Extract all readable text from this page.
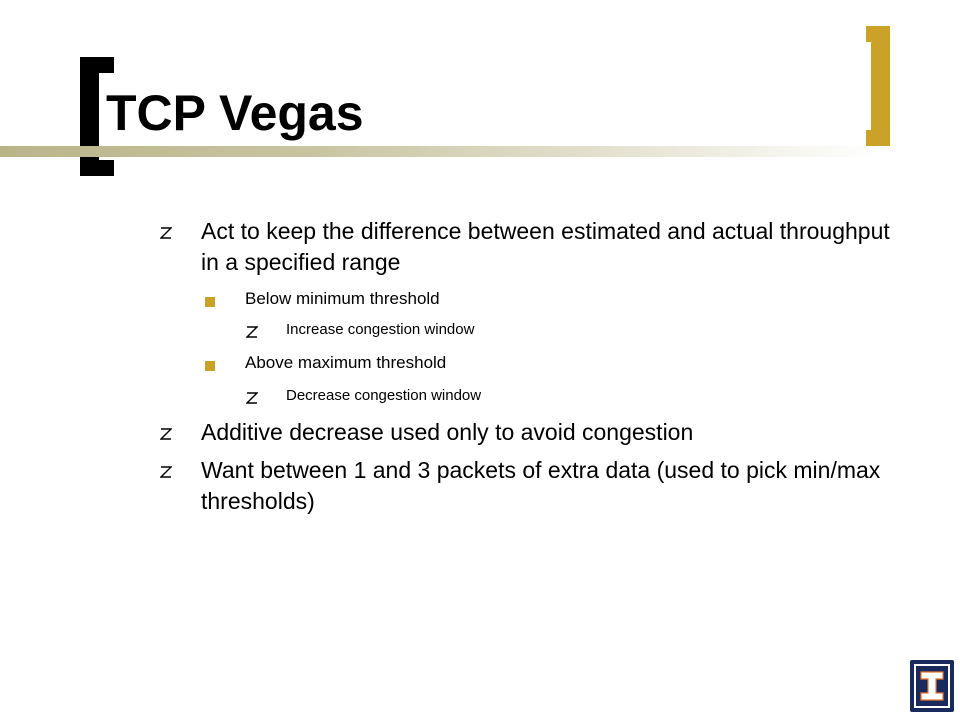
TCP Vegas
Act to keep the difference between estimated and actual throughput in a specified range
Below minimum threshold
Increase congestion window
Above maximum threshold
Decrease congestion window
Additive decrease used only to avoid congestion
Want between 1 and 3 packets of extra data (used to pick min/max thresholds)
